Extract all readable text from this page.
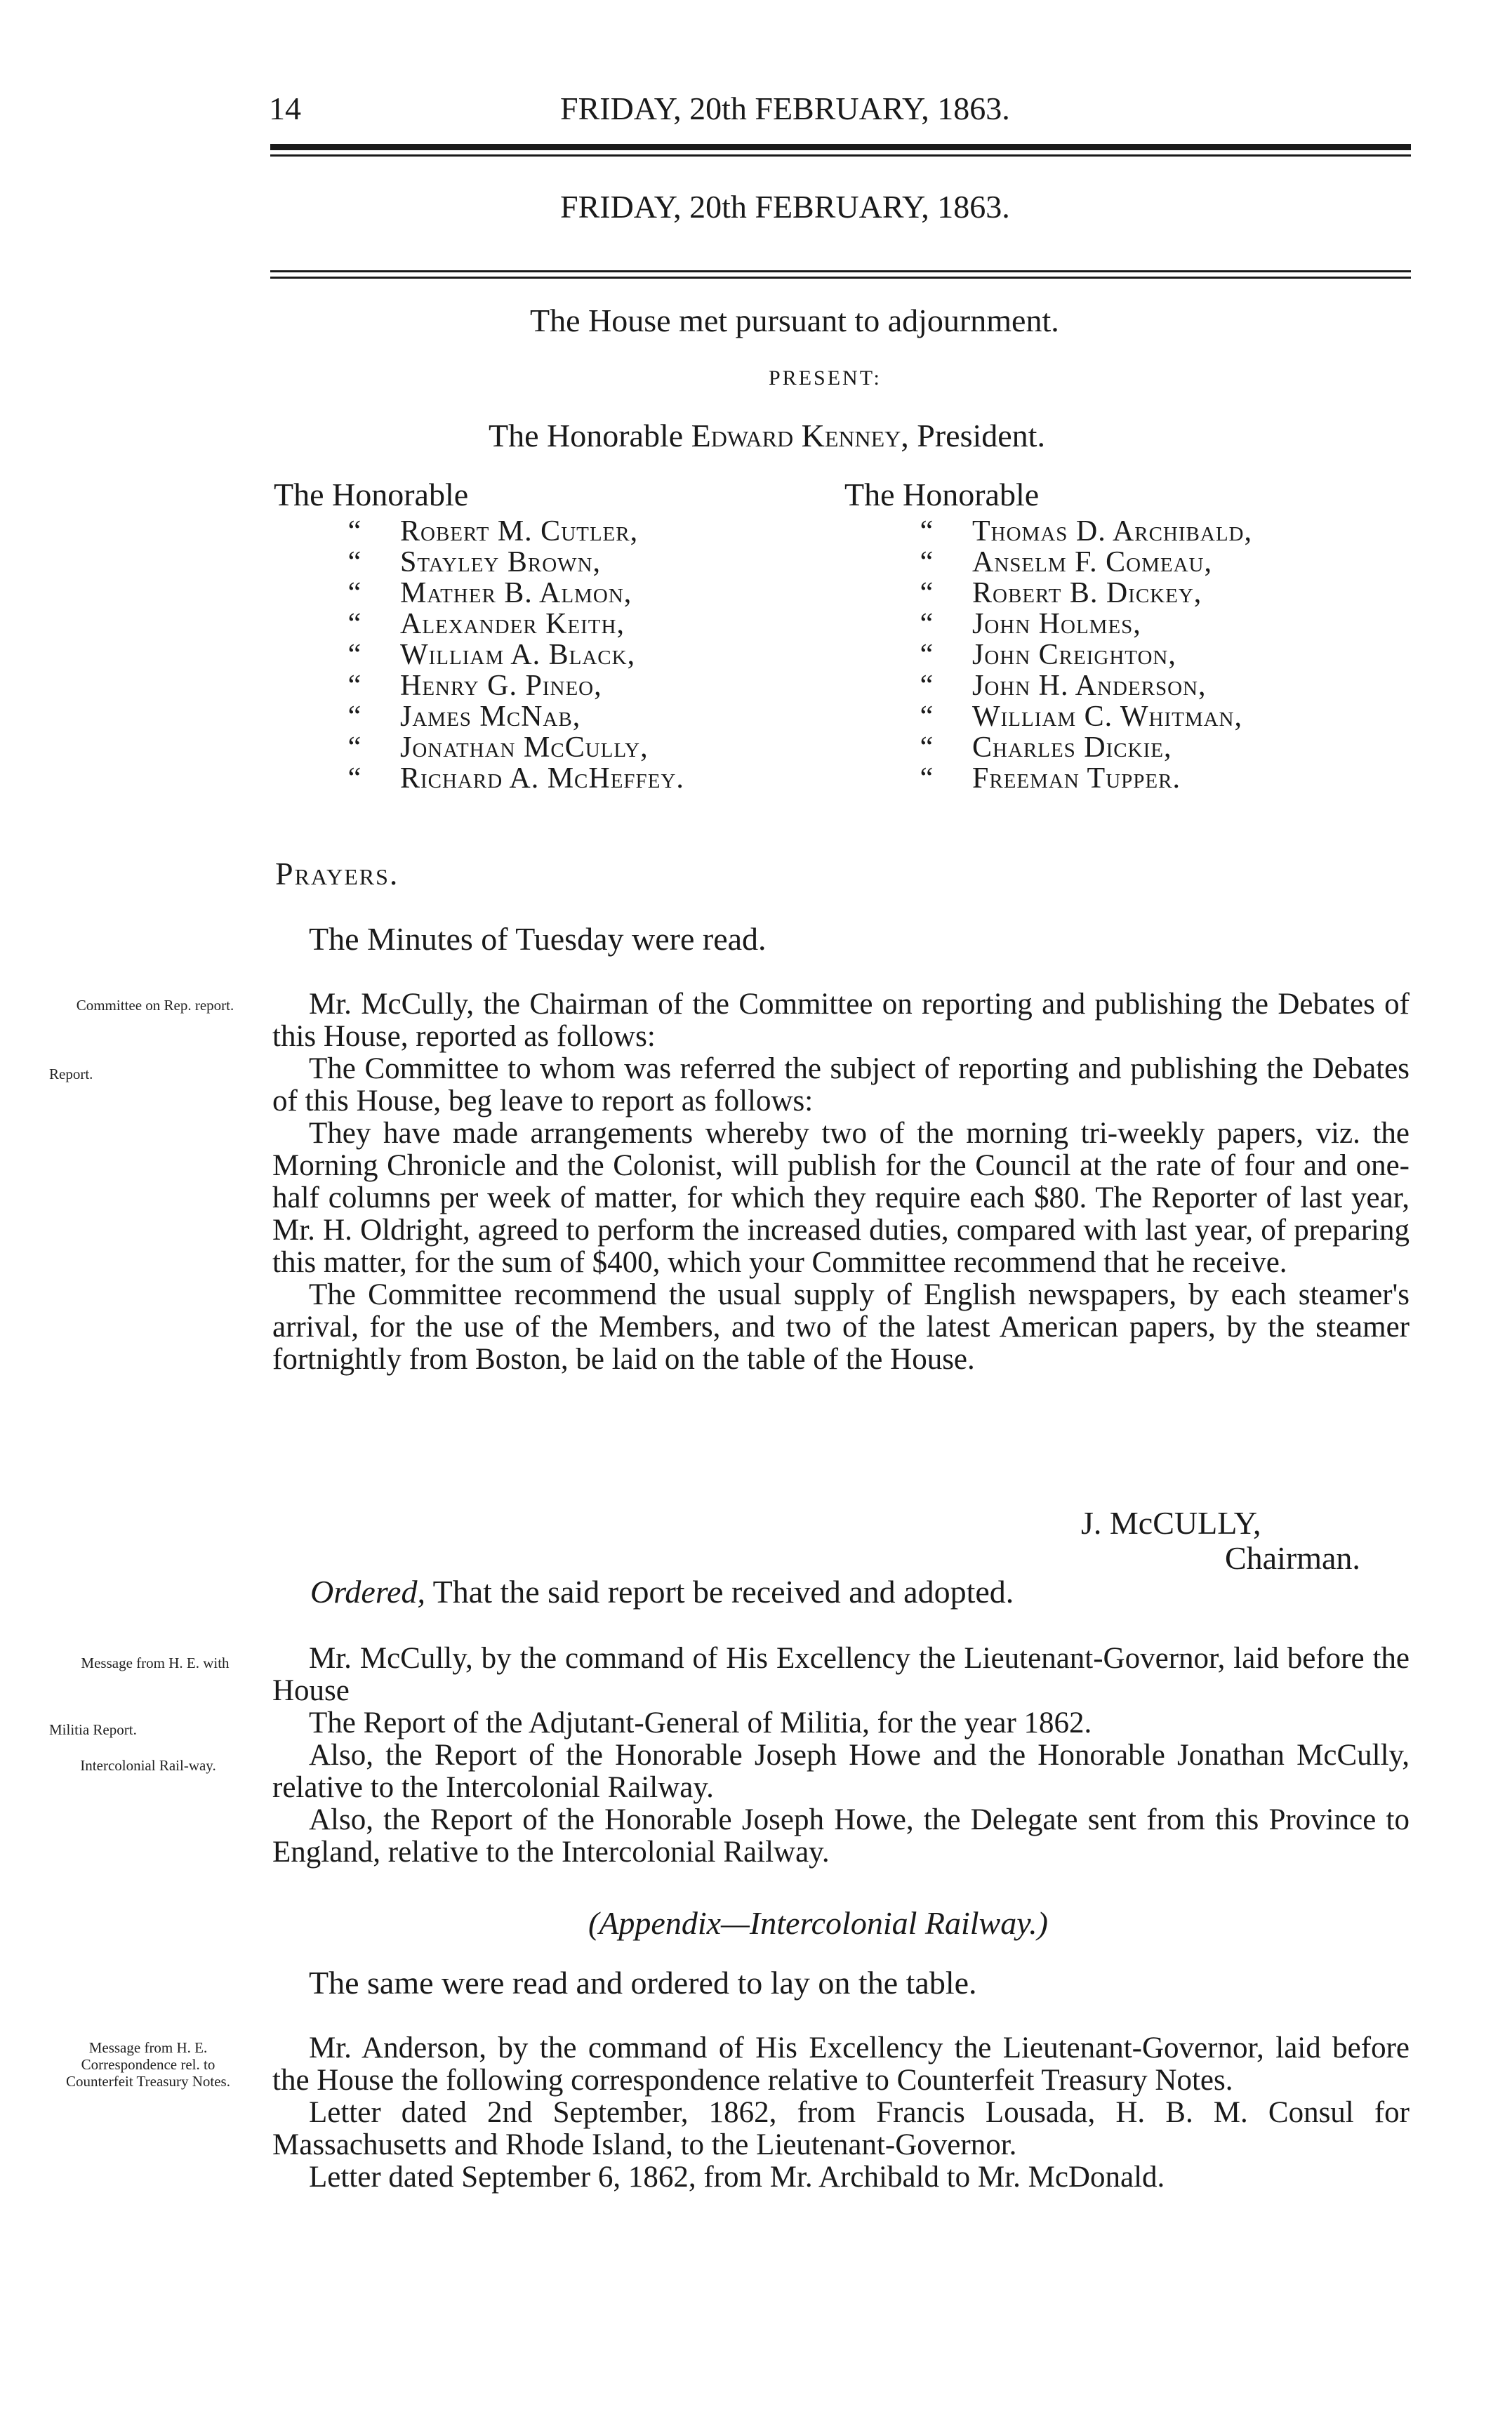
14	FRIDAY, 20th FEBRUARY, 1863.
FRIDAY, 20th FEBRUARY, 1863.
The House met pursuant to adjournment.
PRESENT:
The Honorable Edward Kenney, President.
The Honorable	The Honorable
“	Robert M. Cutler,
“	Stayley Brown,
“	Mather B. Almon,
“	Alexander Keith,
“	William A. Black,
“	Henry G. Pineo,
“	James McNab,
“	Jonathan McCully,
“	Richard A. McHeffey.
“	Thomas D. Archibald,
“	Anselm F. Comeau,
“	Robert B. Dickey,
“	John Holmes,
“	John Creighton,
“	John H. Anderson,
“	William C. Whitman,
“	Charles Dickie,
“	Freeman Tupper.
Prayers.
The Minutes of Tuesday were read.
Committee on Rep. report.
Report.
Message from H. E. with
Militia Report.
Intercolonial Rail-way.
Message from H. E. Correspondence rel. to Counterfeit Treasury Notes.

Mr. McCully, the Chairman of the Committee on reporting and publishing the Debates of this House, reported as follows:

The Committee to whom was referred the subject of reporting and publishing the Debates of this House, beg leave to report as follows:

They have made arrangements whereby two of the morning tri-weekly papers, viz. the Morning Chronicle and the Colonist, will publish for the Council at the rate of four and one-half columns per week of matter, for which they require each $80. The Reporter of last year, Mr. H. Oldright, agreed to perform the increased duties, compared with last year, of preparing this matter, for the sum of $400, which your Committee recommend that he receive.

The Committee recommend the usual supply of English newspapers, by each steamer's arrival, for the use of the Members, and two of the latest American papers, by the steamer fortnightly from Boston, be laid on the table of the House.

J. McCULLY,
Chairman.
Ordered, That the said report be received and adopted.

Mr. McCully, by the command of His Excellency the Lieutenant-Governor, laid before the House

The Report of the Adjutant-General of Militia, for the year 1862.

Also, the Report of the Honorable Joseph Howe and the Honorable Jonathan McCully, relative to the Intercolonial Railway.

Also, the Report of the Honorable Joseph Howe, the Delegate sent from this Province to England, relative to the Intercolonial Railway.

(Appendix—Intercolonial Railway.)
The same were read and ordered to lay on the table.

Mr. Anderson, by the command of His Excellency the Lieutenant-Governor, laid before the House the following correspondence relative to Counterfeit Treasury Notes.

Letter dated 2nd September, 1862, from Francis Lousada, H. B. M. Consul for Massachusetts and Rhode Island, to the Lieutenant-Governor.

Letter dated September 6, 1862, from Mr. Archibald to Mr. McDonald.
